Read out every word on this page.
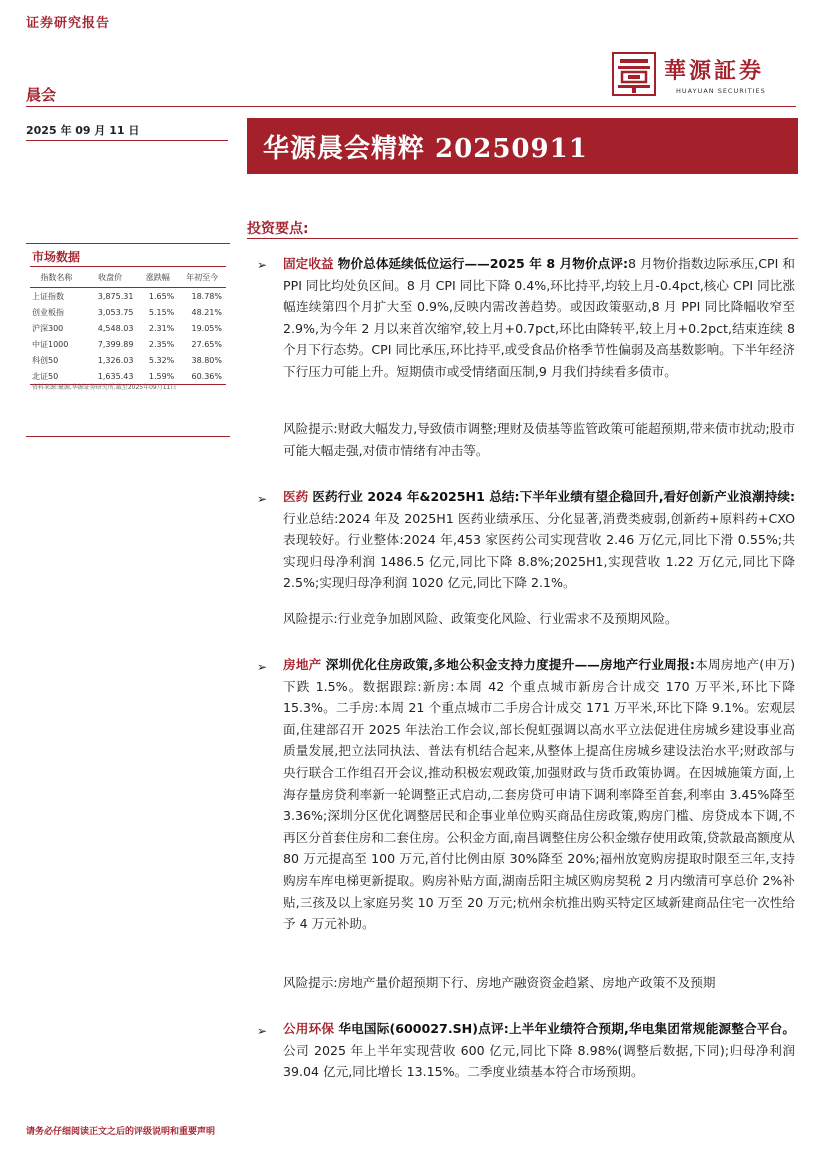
证券研究报告
華源証券
HUAYUAN SECURITIES
晨会
2025 年 09 月 11 日
华源晨会精粹 20250911
投资要点:
市场数据
指数名称	收盘价	涨跌幅	年初至今
上证指数	3,875.31	1.65%	18.78%
创业板指	3,053.75	5.15%	48.21%
沪深300	4,548.03	2.31%	19.05%
中证1000	7,399.89	2.35%	27.65%
科创50	1,326.03	5.32%	38.80%
北证50	1,635.43	1.59%	60.36%
资料来源:聚源,华源证券研究所,截至2025年09月11日
➢ 固定收益 物价总体延续低位运行——2025 年 8 月物价点评:8 月物价指数边际承压,CPI 和 PPI 同比均处负区间。8 月 CPI 同比下降 0.4%,环比持平,均较上月-0.4pct,核心 CPI 同比涨幅连续第四个月扩大至 0.9%,反映内需改善趋势。或因政策驱动,8 月 PPI 同比降幅收窄至 2.9%,为今年 2 月以来首次缩窄,较上月+0.7pct,环比由降转平,较上月+0.2pct,结束连续 8 个月下行态势。CPI 同比承压,环比持平,或受食品价格季节性偏弱及高基数影响。下半年经济下行压力可能上升。短期债市或受情绪面压制,9 月我们持续看多债市。
风险提示:财政大幅发力,导致债市调整;理财及债基等监管政策可能超预期,带来债市扰动;股市可能大幅走强,对债市情绪有冲击等。
➢ 医药 医药行业 2024 年&2025H1 总结:下半年业绩有望企稳回升,看好创新产业浪潮持续:行业总结:2024 年及 2025H1 医药业绩承压、分化显著,消费类疲弱,创新药+原料药+CXO 表现较好。行业整体:2024 年,453 家医药公司实现营收 2.46 万亿元,同比下滑 0.55%;共实现归母净利润 1486.5 亿元,同比下降 8.8%;2025H1,实现营收 1.22 万亿元,同比下降 2.5%;实现归母净利润 1020 亿元,同比下降 2.1%。
风险提示:行业竞争加剧风险、政策变化风险、行业需求不及预期风险。
➢ 房地产 深圳优化住房政策,多地公积金支持力度提升——房地产行业周报:本周房地产(申万)下跌 1.5%。数据跟踪:新房:本周 42 个重点城市新房合计成交 170 万平米,环比下降 15.3%。二手房:本周 21 个重点城市二手房合计成交 171 万平米,环比下降 9.1%。宏观层面,住建部召开 2025 年法治工作会议,部长倪虹强调以高水平立法促进住房城乡建设事业高质量发展,把立法同执法、普法有机结合起来,从整体上提高住房城乡建设法治水平;财政部与央行联合工作组召开会议,推动积极宏观政策,加强财政与货币政策协调。在因城施策方面,上海存量房贷利率新一轮调整正式启动,二套房贷可申请下调利率降至首套,利率由 3.45%降至 3.36%;深圳分区优化调整居民和企事业单位购买商品住房政策,购房门槛、房贷成本下调,不再区分首套住房和二套住房。公积金方面,南昌调整住房公积金缴存使用政策,贷款最高额度从 80 万元提高至 100 万元,首付比例由原 30%降至 20%;福州放宽购房提取时限至三年,支持购房车库电梯更新提取。购房补贴方面,湖南岳阳主城区购房契税 2 月内缴清可享总价 2%补贴,三孩及以上家庭另奖 10 万至 20 万元;杭州余杭推出购买特定区域新建商品住宅一次性给予 4 万元补助。
风险提示:房地产量价超预期下行、房地产融资资金趋紧、房地产政策不及预期
➢ 公用环保 华电国际(600027.SH)点评:上半年业绩符合预期,华电集团常规能源整合平台。公司 2025 年上半年实现营收 600 亿元,同比下降 8.98%(调整后数据,下同);归母净利润 39.04 亿元,同比增长 13.15%。二季度业绩基本符合市场预期。
请务必仔细阅读正文之后的评级说明和重要声明
